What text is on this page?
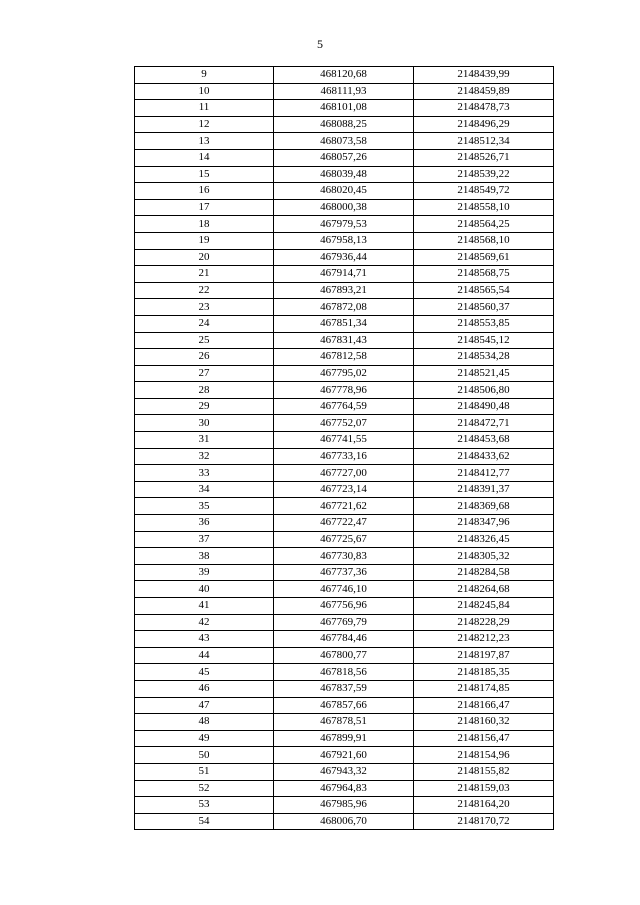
5
9	468120,68	2148439,99
10	468111,93	2148459,89
11	468101,08	2148478,73
12	468088,25	2148496,29
13	468073,58	2148512,34
14	468057,26	2148526,71
15	468039,48	2148539,22
16	468020,45	2148549,72
17	468000,38	2148558,10
18	467979,53	2148564,25
19	467958,13	2148568,10
20	467936,44	2148569,61
21	467914,71	2148568,75
22	467893,21	2148565,54
23	467872,08	2148560,37
24	467851,34	2148553,85
25	467831,43	2148545,12
26	467812,58	2148534,28
27	467795,02	2148521,45
28	467778,96	2148506,80
29	467764,59	2148490,48
30	467752,07	2148472,71
31	467741,55	2148453,68
32	467733,16	2148433,62
33	467727,00	2148412,77
34	467723,14	2148391,37
35	467721,62	2148369,68
36	467722,47	2148347,96
37	467725,67	2148326,45
38	467730,83	2148305,32
39	467737,36	2148284,58
40	467746,10	2148264,68
41	467756,96	2148245,84
42	467769,79	2148228,29
43	467784,46	2148212,23
44	467800,77	2148197,87
45	467818,56	2148185,35
46	467837,59	2148174,85
47	467857,66	2148166,47
48	467878,51	2148160,32
49	467899,91	2148156,47
50	467921,60	2148154,96
51	467943,32	2148155,82
52	467964,83	2148159,03
53	467985,96	2148164,20
54	468006,70	2148170,72
